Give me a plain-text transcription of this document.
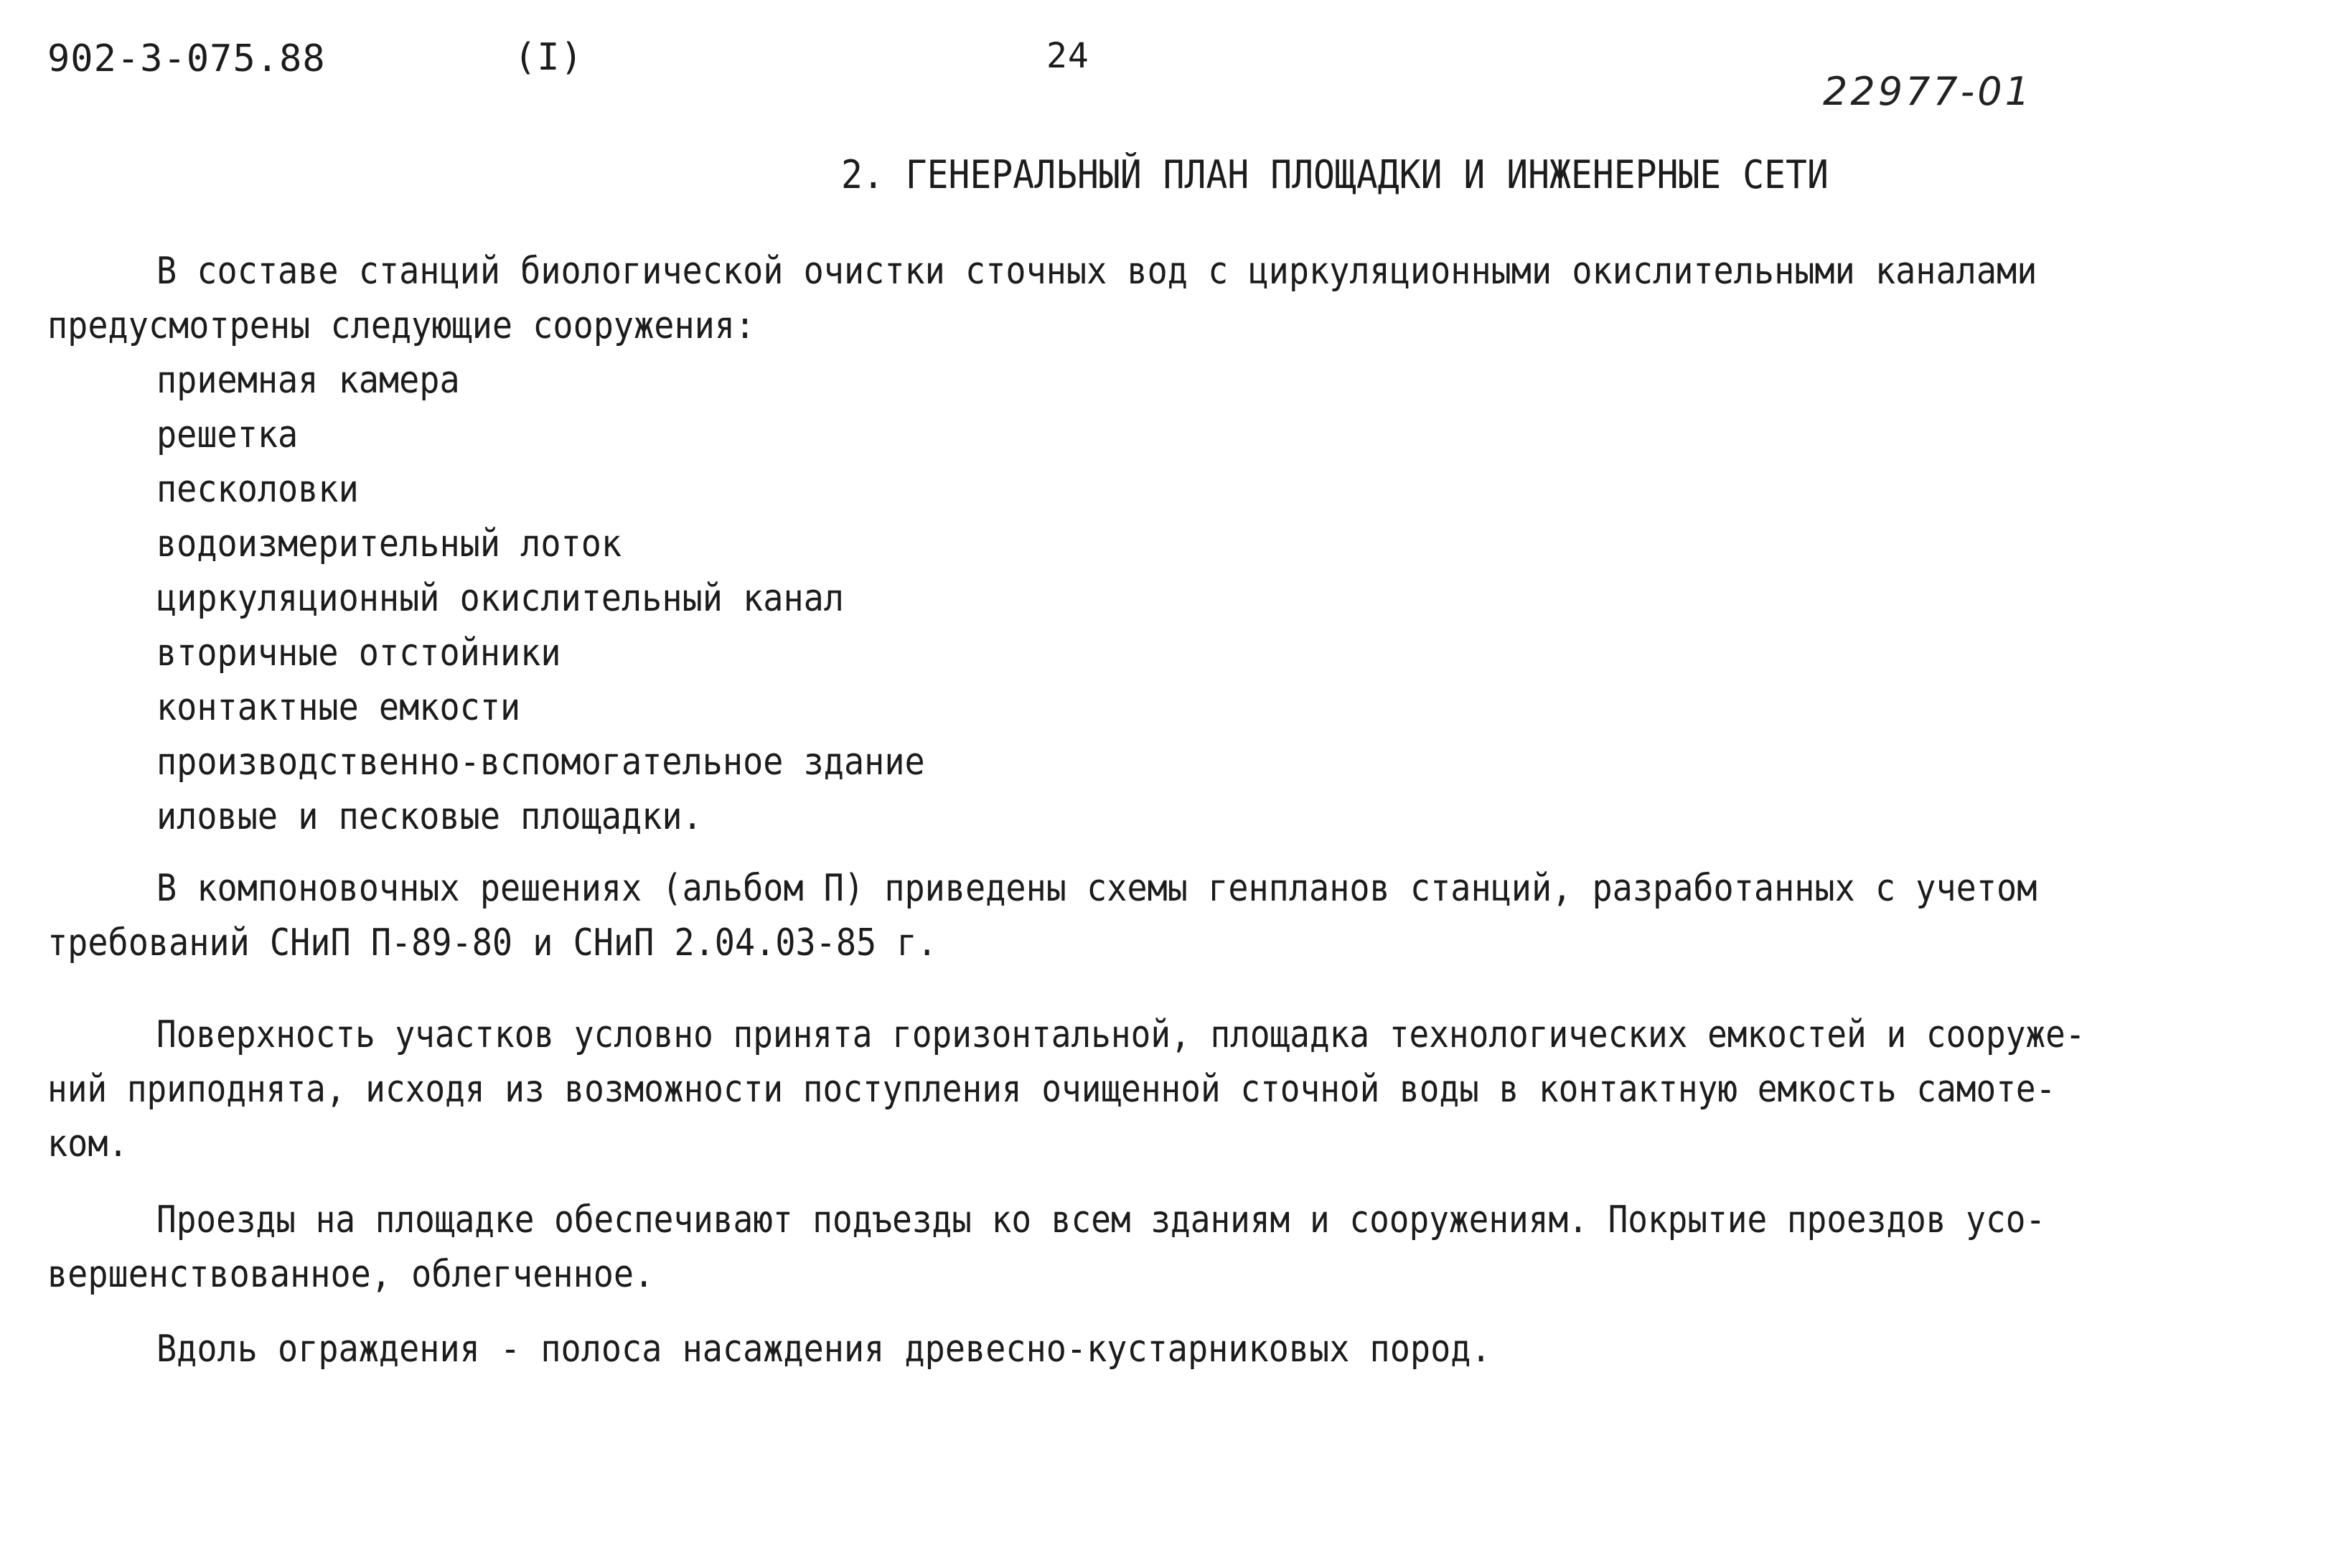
902-3-075.88	(I)	24
22977-01
2. ГЕНЕРАЛЬНЫЙ ПЛАН ПЛОЩАДКИ И ИНЖЕНЕРНЫЕ СЕТИ
В составе станций биологической очистки сточных вод с циркуляционными окислительными каналами
предусмотрены следующие сооружения:
приемная камера
решетка
песколовки
водоизмерительный лоток
циркуляционный окислительный канал
вторичные отстойники
контактные емкости
производственно-вспомогательное здание
иловые и песковые площадки.
В компоновочных решениях (альбом П) приведены схемы генпланов станций, разработанных с учетом
требований СНиП П-89-80 и СНиП 2.04.03-85 г.
Поверхность участков условно принята горизонтальной, площадка технологических емкостей и сооруже-
ний приподнята, исходя из возможности поступления очищенной сточной воды в контактную емкость самоте-
ком.
Проезды на площадке обеспечивают подъезды ко всем зданиям и сооружениям. Покрытие проездов усо-
вершенствованное, облегченное.
Вдоль ограждения - полоса насаждения древесно-кустарниковых пород.
